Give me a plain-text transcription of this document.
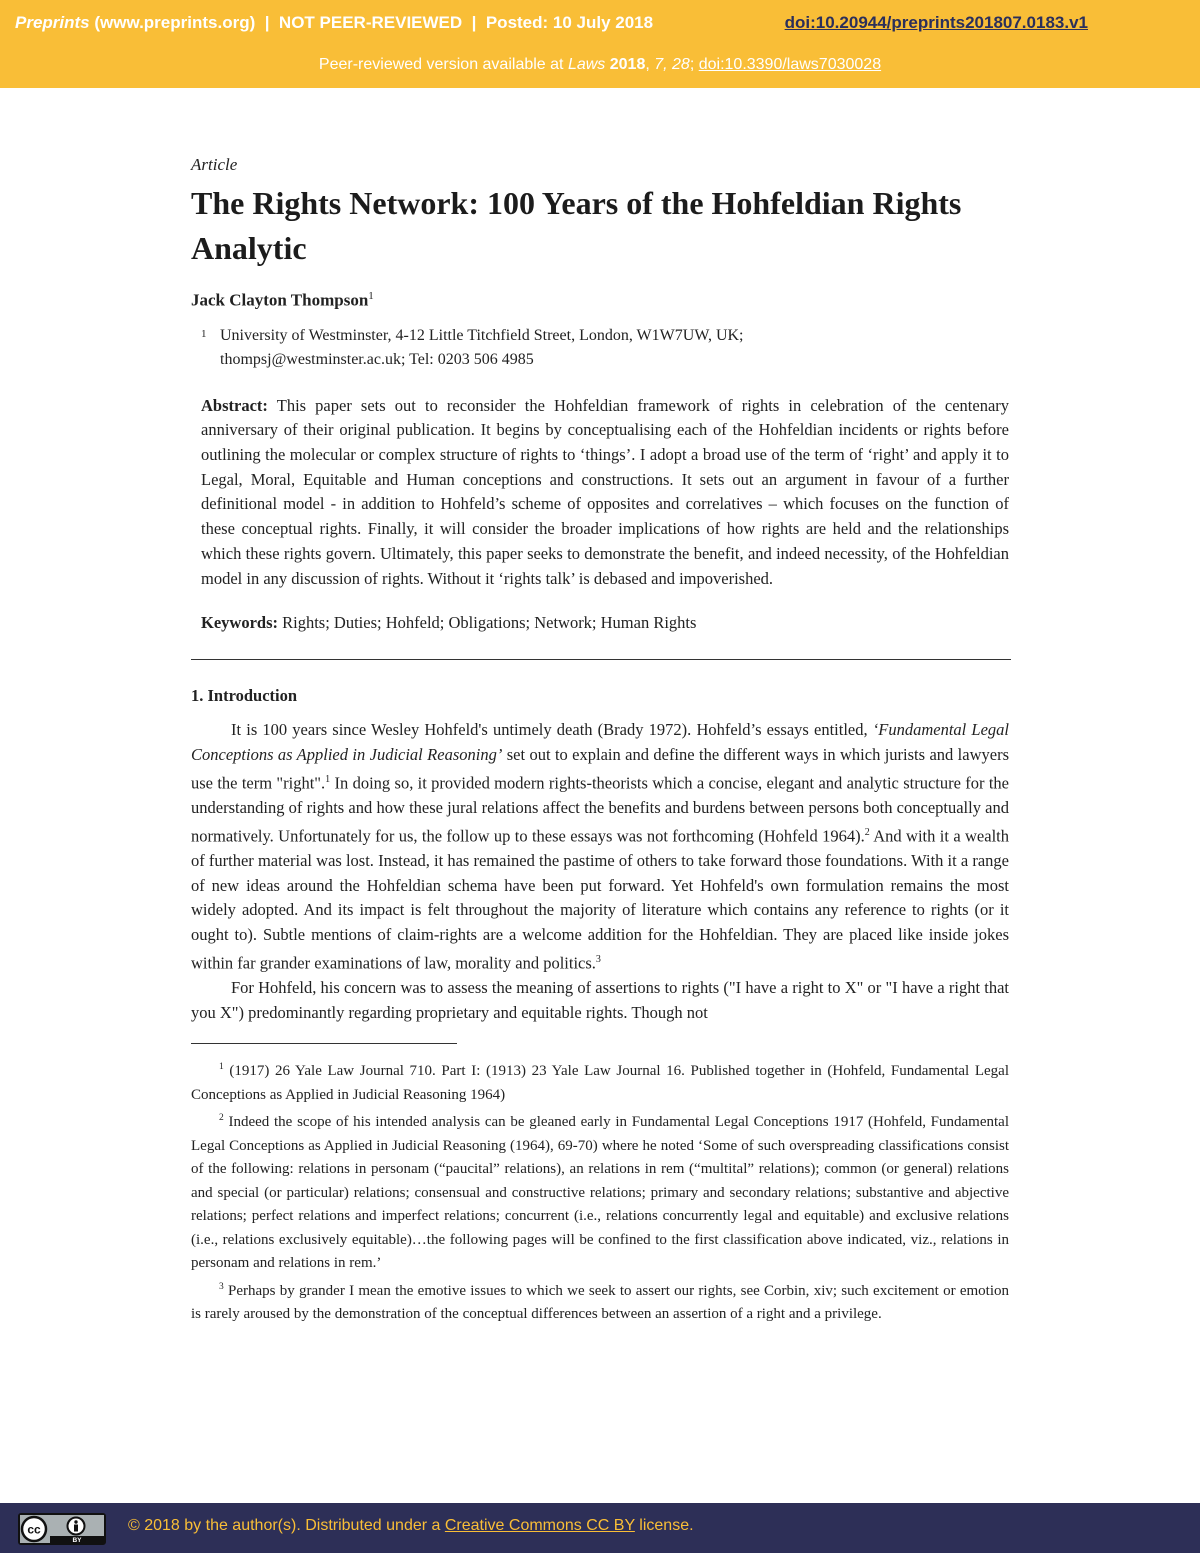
Preprints (www.preprints.org) | NOT PEER-REVIEWED | Posted: 10 July 2018	doi:10.20944/preprints201807.0183.v1
Peer-reviewed version available at Laws 2018, 7, 28; doi:10.3390/laws7030028
Article
The Rights Network: 100 Years of the Hohfeldian Rights Analytic
Jack Clayton Thompson$^1$
1 University of Westminster, 4-12 Little Titchfield Street, London, W1W7UW, UK;
thompsj@westminster.ac.uk; Tel: 0203 506 4985
Abstract: This paper sets out to reconsider the Hohfeldian framework of rights in celebration of the centenary anniversary of their original publication. It begins by conceptualising each of the Hohfeldian incidents or rights before outlining the molecular or complex structure of rights to ‘things’. I adopt a broad use of the term of ‘right’ and apply it to Legal, Moral, Equitable and Human conceptions and constructions. It sets out an argument in favour of a further definitional model - in addition to Hohfeld’s scheme of opposites and correlatives – which focuses on the function of these conceptual rights. Finally, it will consider the broader implications of how rights are held and the relationships which these rights govern. Ultimately, this paper seeks to demonstrate the benefit, and indeed necessity, of the Hohfeldian model in any discussion of rights. Without it ‘rights talk’ is debased and impoverished.
Keywords: Rights; Duties; Hohfeld; Obligations; Network; Human Rights
1. Introduction

It is 100 years since Wesley Hohfeld's untimely death (Brady 1972). Hohfeld’s essays entitled, ‘Fundamental Legal Conceptions as Applied in Judicial Reasoning’ set out to explain and define the different ways in which jurists and lawyers use the term "right".$^1$ In doing so, it provided modern rights-theorists which a concise, elegant and analytic structure for the understanding of rights and how these jural relations affect the benefits and burdens between persons both conceptually and normatively. Unfortunately for us, the follow up to these essays was not forthcoming (Hohfeld 1964).$^2$ And with it a wealth of further material was lost. Instead, it has remained the pastime of others to take forward those foundations. With it a range of new ideas around the Hohfeldian schema have been put forward. Yet Hohfeld's own formulation remains the most widely adopted. And its impact is felt throughout the majority of literature which contains any reference to rights (or it ought to). Subtle mentions of claim-rights are a welcome addition for the Hohfeldian. They are placed like inside jokes within far grander examinations of law, morality and politics.$^3$

For Hohfeld, his concern was to assess the meaning of assertions to rights ("I have a right to X" or "I have a right that you X") predominantly regarding proprietary and equitable rights. Though not

$^1$ (1917) 26 Yale Law Journal 710. Part I: (1913) 23 Yale Law Journal 16. Published together in (Hohfeld, Fundamental Legal Conceptions as Applied in Judicial Reasoning 1964)

$^2$ Indeed the scope of his intended analysis can be gleaned early in Fundamental Legal Conceptions 1917 (Hohfeld, Fundamental Legal Conceptions as Applied in Judicial Reasoning (1964), 69-70) where he noted ‘Some of such overspreading classifications consist of the following: relations in personam (“paucital” relations), an relations in rem (“multital” relations); common (or general) relations and special (or particular) relations; consensual and constructive relations; primary and secondary relations; substantive and abjective relations; perfect relations and imperfect relations; concurrent (i.e., relations concurrently legal and equitable) and exclusive relations (i.e., relations exclusively equitable)…the following pages will be confined to the first classification above indicated, viz., relations in personam and relations in rem.’

$^3$ Perhaps by grander I mean the emotive issues to which we seek to assert our rights, see Corbin, xiv; such excitement or emotion is rarely aroused by the demonstration of the conceptual differences between an assertion of a right and a privilege.

cc
BY
© 2018 by the author(s). Distributed under a Creative Commons CC BY license.
